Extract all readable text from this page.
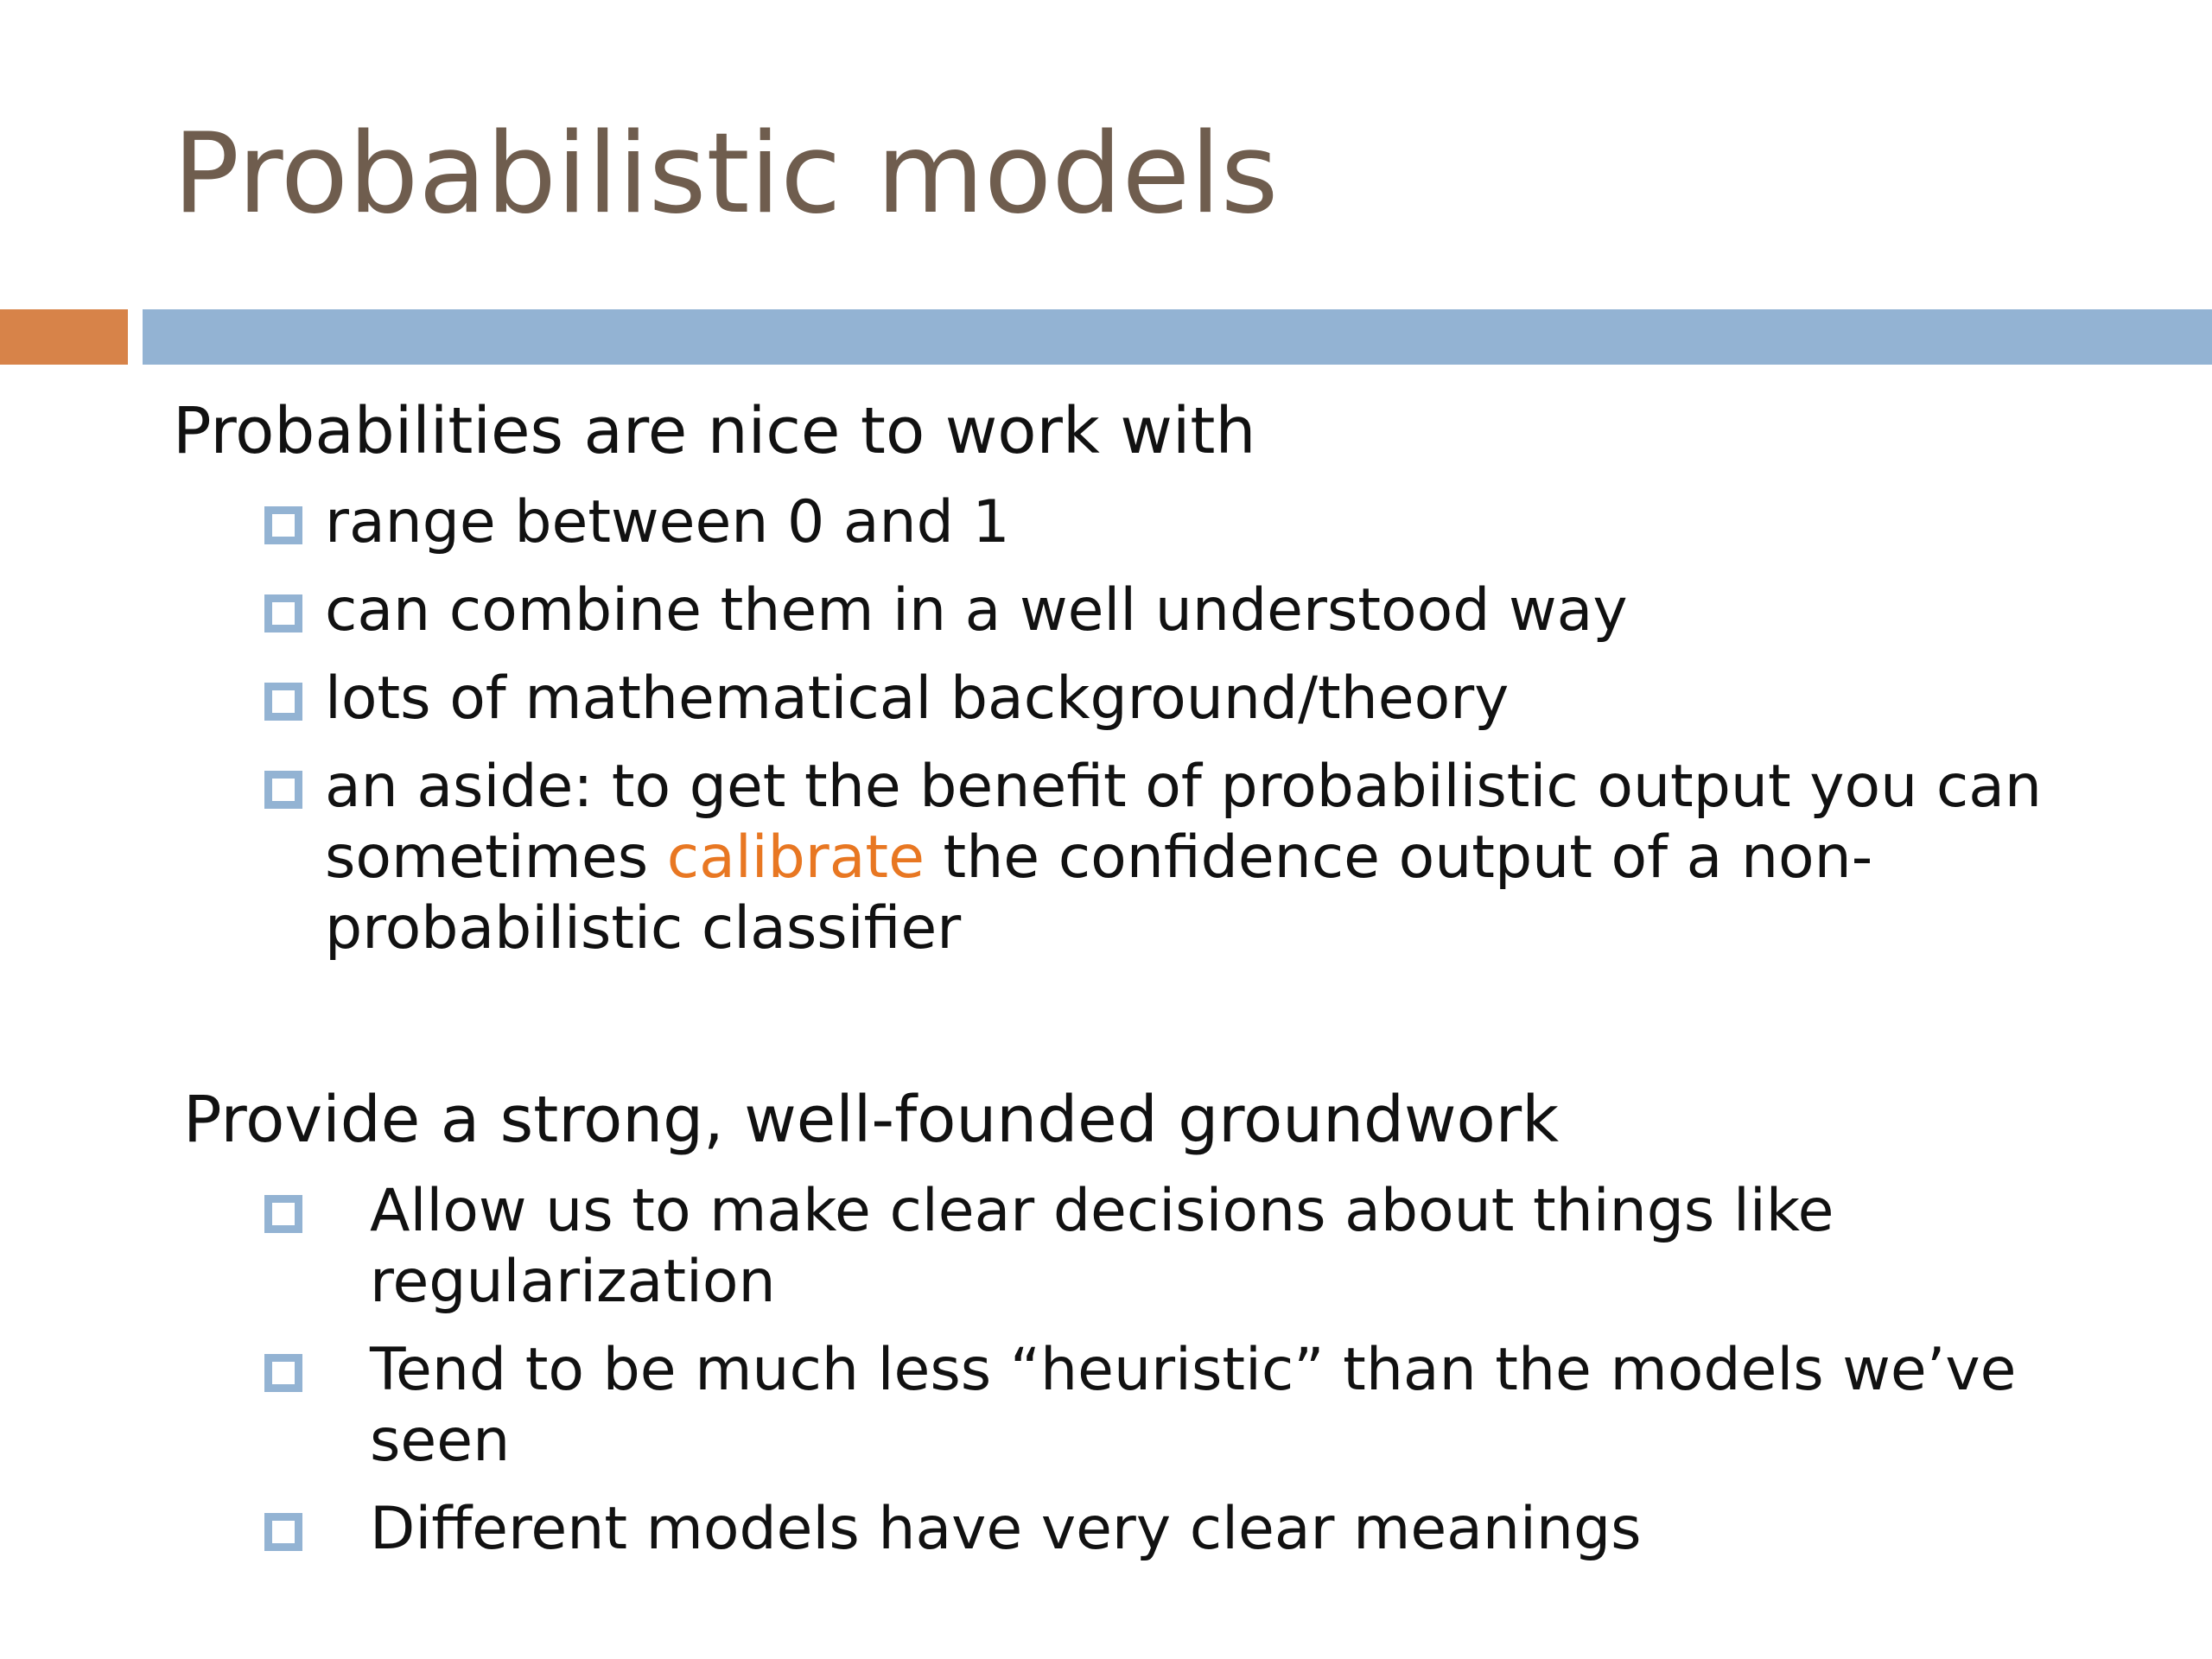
Probabilistic models

Probabilities are nice to work with

range between 0 and 1
can combine them in a well understood way
lots of mathematical background/theory
an aside: to get the benefit of probabilistic output you can sometimes calibrate the confidence output of a non-probabilistic classifier

Provide a strong, well-founded groundwork

Allow us to make clear decisions about things like regularization
Tend to be much less “heuristic” than the models we’ve seen
Different models have very clear meanings
